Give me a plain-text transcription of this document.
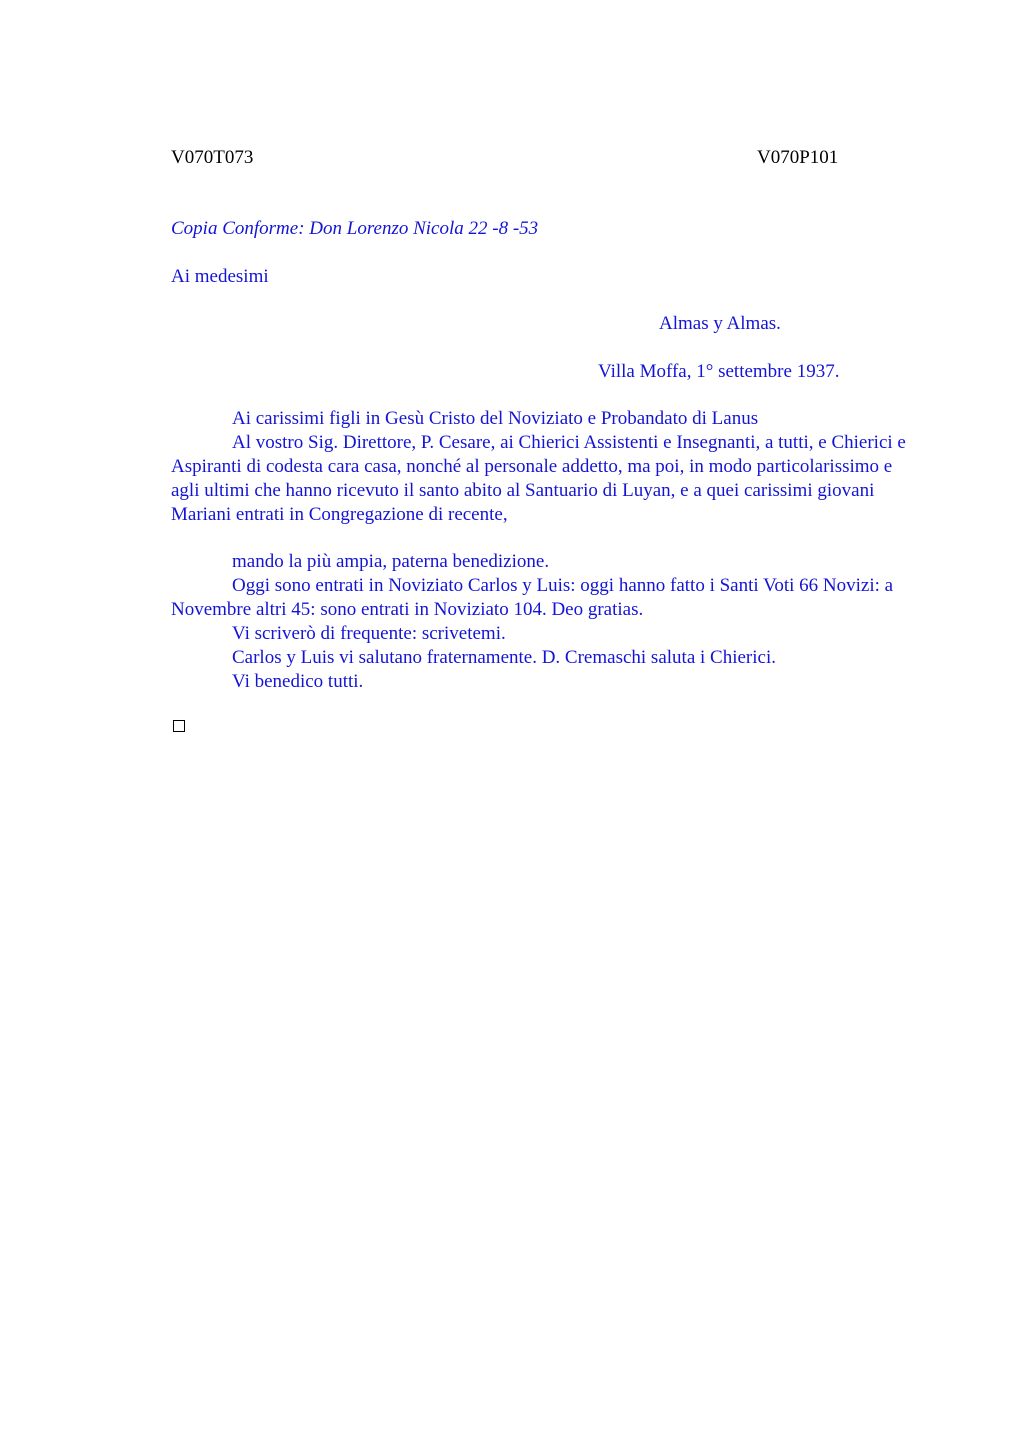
V070T073	V070P101
Copia Conforme: Don Lorenzo Nicola 22 -8 -53
Ai medesimi
Almas y Almas.
Villa Moffa, 1° settembre 1937.
Ai carissimi figli in Gesù Cristo del Noviziato e Probandato di Lanus
Al vostro Sig. Direttore, P. Cesare, ai Chierici Assistenti e Insegnanti, a tutti, e Chierici e Aspiranti di codesta cara casa, nonché al personale addetto, ma poi, in modo particolarissimo e agli ultimi che hanno ricevuto il santo abito al Santuario di Luyan, e a quei carissimi giovani Mariani entrati in Congregazione di recente,
mando la più ampia, paterna benedizione.
Oggi sono entrati in Noviziato Carlos y Luis: oggi hanno fatto i Santi Voti 66 Novizi: a Novembre altri 45: sono entrati in Noviziato 104. Deo gratias.
Vi scriverò di frequente: scrivetemi.
Carlos y Luis vi salutano fraternamente. D. Cremaschi saluta i Chierici.
Vi benedico tutti.
